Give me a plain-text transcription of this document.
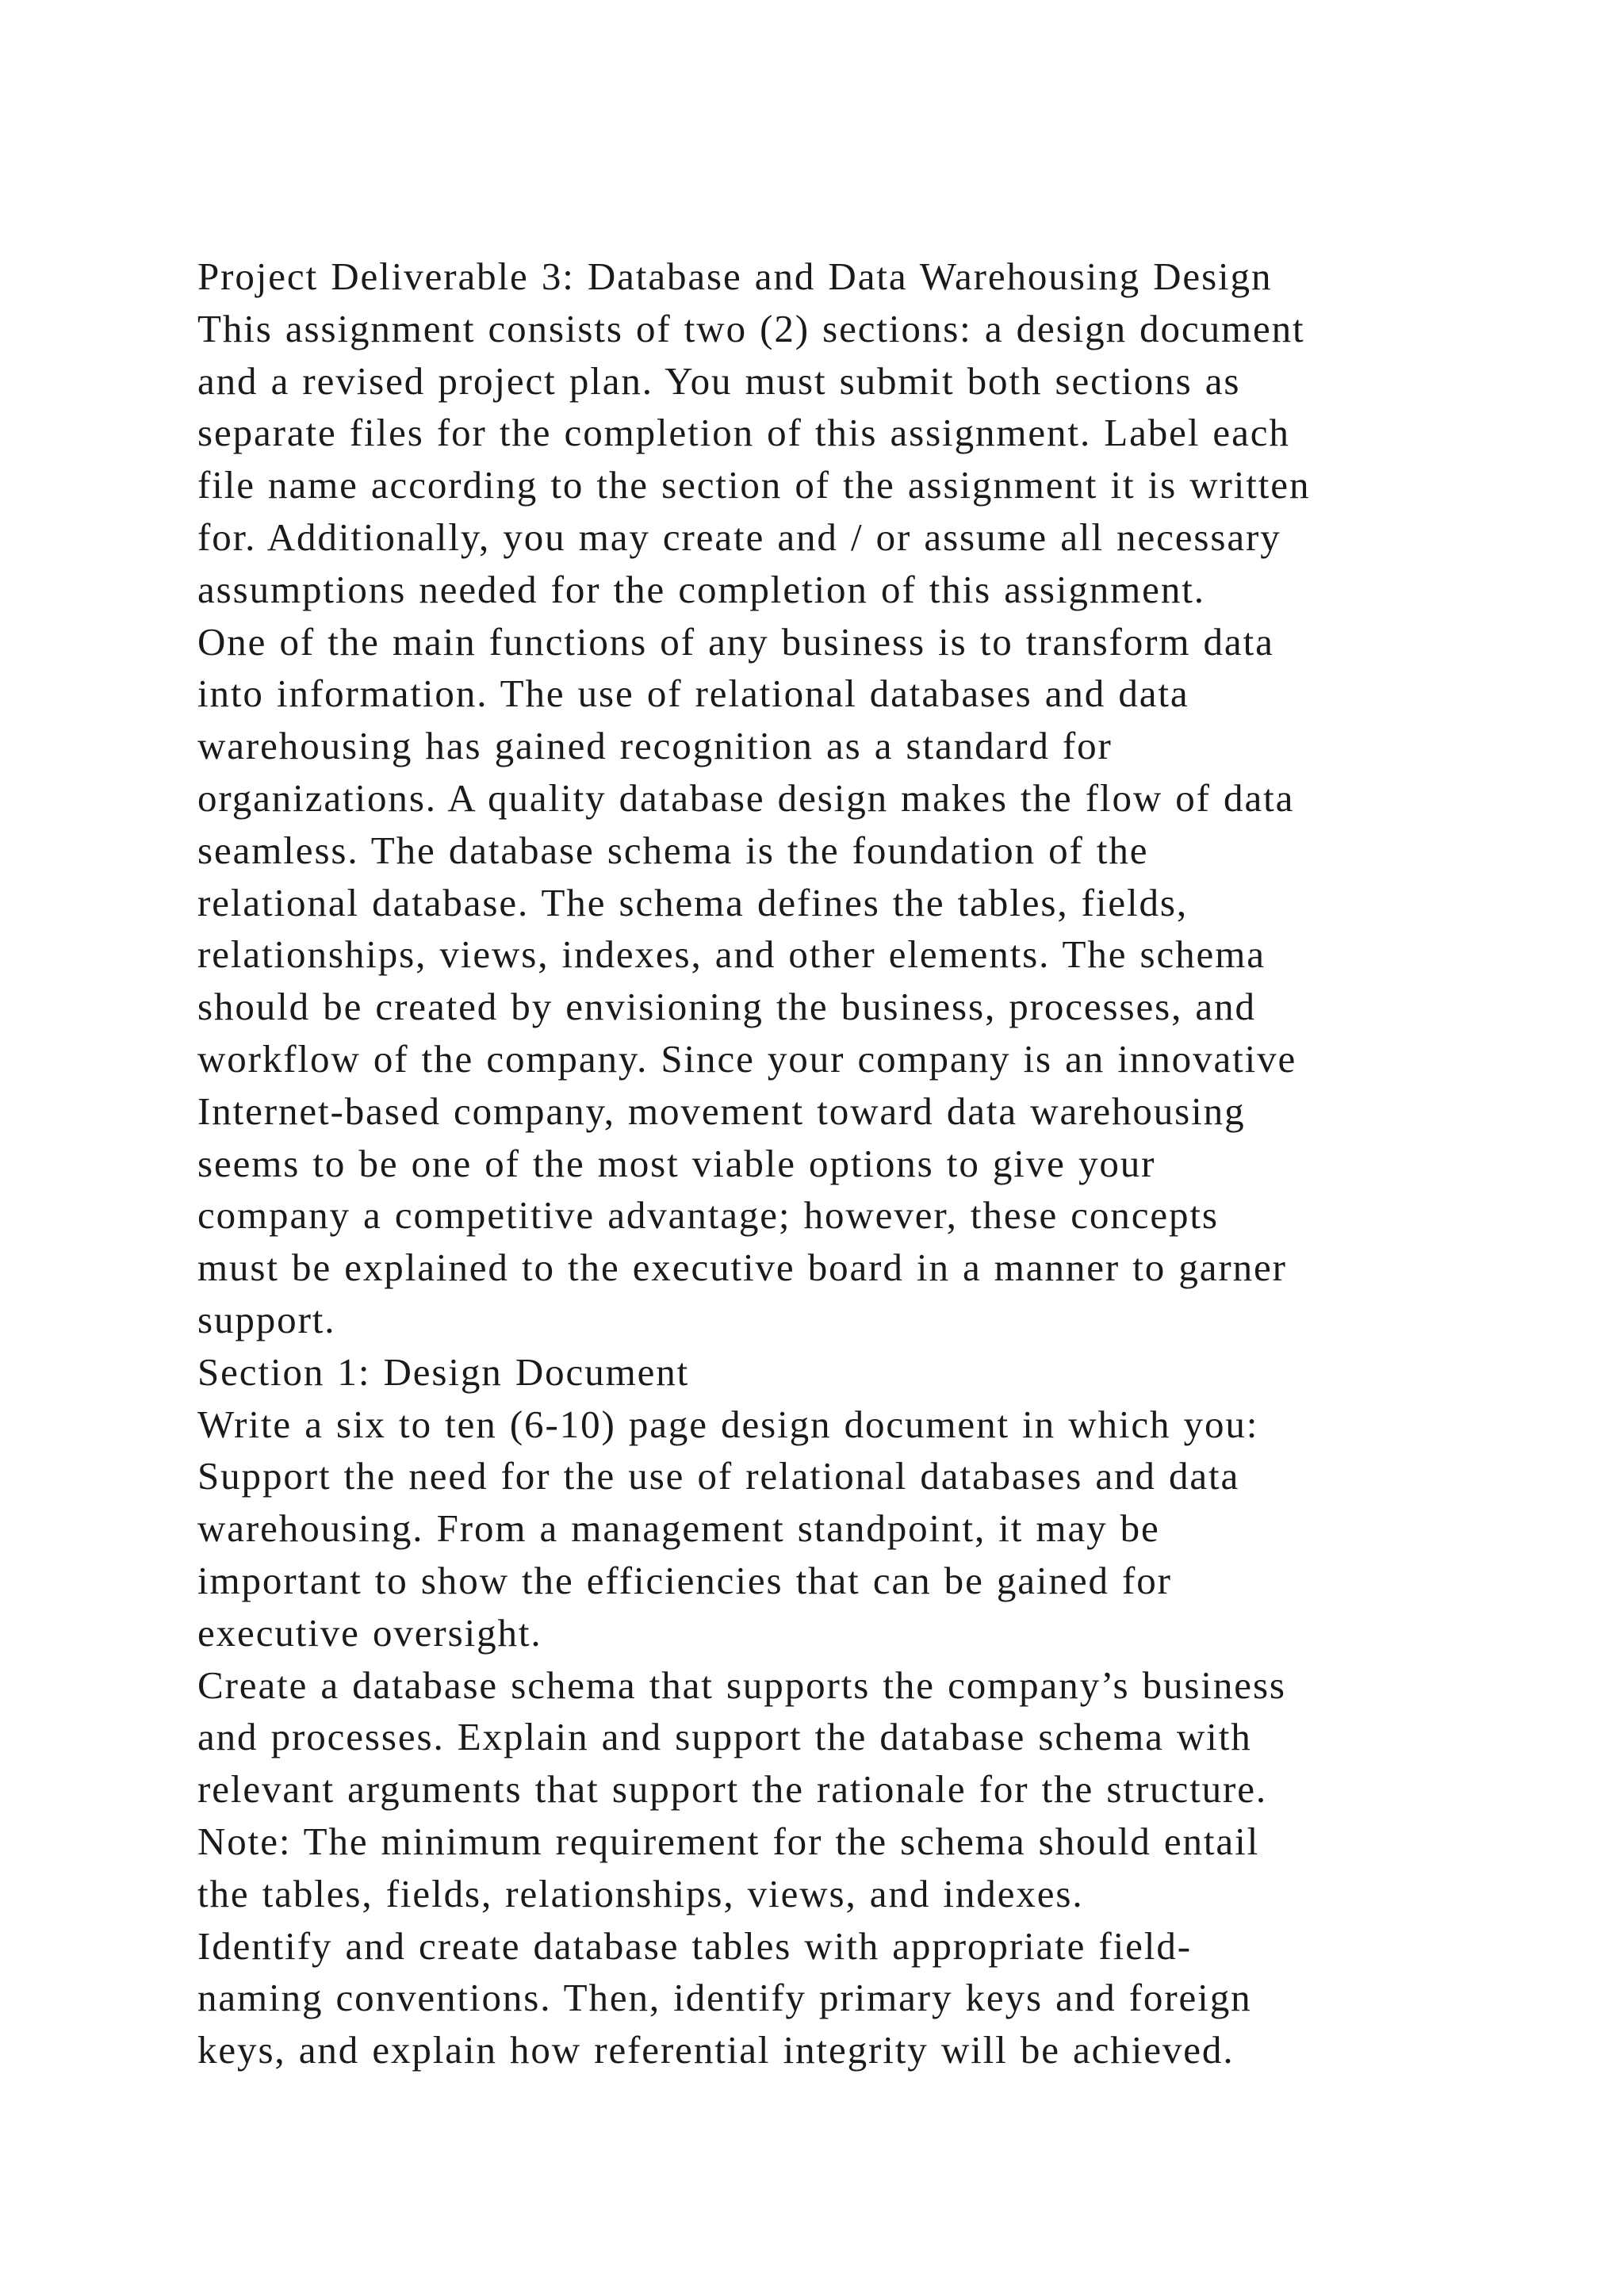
Project Deliverable 3: Database and Data Warehousing Design
This assignment consists of two (2) sections: a design document
and a revised project plan. You must submit both sections as
separate files for the completion of this assignment. Label each
file name according to the section of the assignment it is written
for. Additionally, you may create and / or assume all necessary
assumptions needed for the completion of this assignment.
One of the main functions of any business is to transform data
into information. The use of relational databases and data
warehousing has gained recognition as a standard for
organizations. A quality database design makes the flow of data
seamless. The database schema is the foundation of the
relational database. The schema defines the tables, fields,
relationships, views, indexes, and other elements. The schema
should be created by envisioning the business, processes, and
workflow of the company. Since your company is an innovative
Internet-based company, movement toward data warehousing
seems to be one of the most viable options to give your
company a competitive advantage; however, these concepts
must be explained to the executive board in a manner to garner
support.
Section 1: Design Document
Write a six to ten (6-10) page design document in which you:
Support the need for the use of relational databases and data
warehousing. From a management standpoint, it may be
important to show the efficiencies that can be gained for
executive oversight.
Create a database schema that supports the company’s business
and processes. Explain and support the database schema with
relevant arguments that support the rationale for the structure.
Note: The minimum requirement for the schema should entail
the tables, fields, relationships, views, and indexes.
Identify and create database tables with appropriate field-
naming conventions. Then, identify primary keys and foreign
keys, and explain how referential integrity will be achieved.
